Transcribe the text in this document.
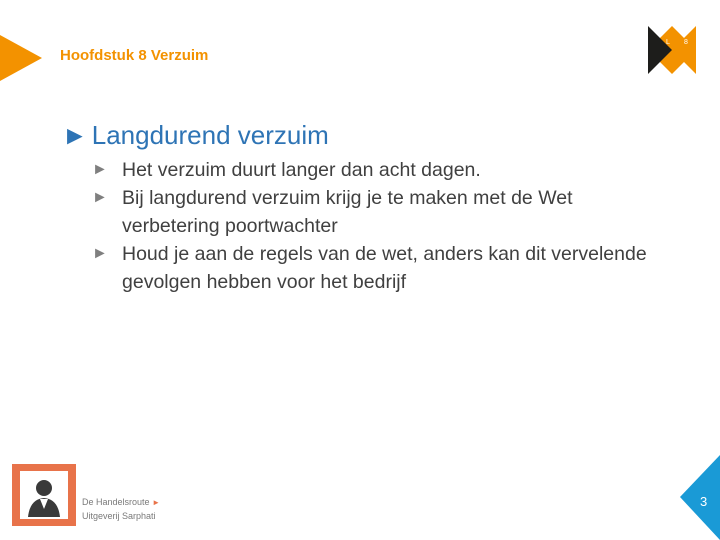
Hoofdstuk 8 Verzuim
L 8
► Langdurend verzuim
► Het verzuim duurt langer dan acht dagen.
► Bij langdurend verzuim krijg je te maken met de Wet verbetering poortwachter
► Houd je aan de regels van de wet, anders kan dit vervelende gevolgen hebben voor het bedrijf
De Handelsroute ►
Uitgeverij Sarphati
3
